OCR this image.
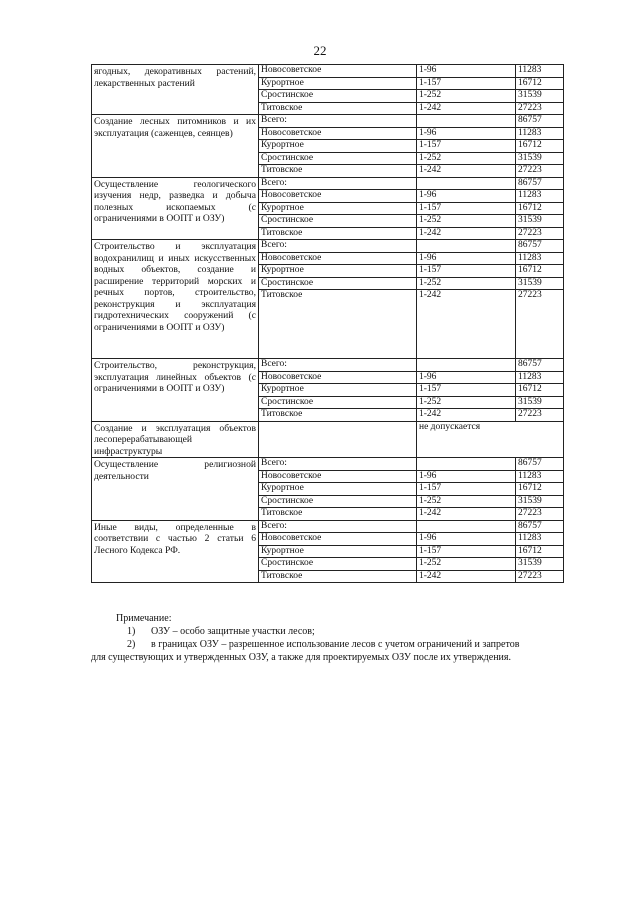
22
ягодных, декоративных растений, лекарственных растений	Новосоветское	1-96	11283
	Курортное	1-157	16712
	Сростинское	1-252	31539
	Титовское	1-242	27223
Создание лесных питомников и их эксплуатация (саженцев, сеянцев)	Всего:		86757
	Новосоветское	1-96	11283
	Курортное	1-157	16712
	Сростинское	1-252	31539
	Титовское	1-242	27223
Осуществление геологического изучения недр, разведка и добыча полезных ископаемых (с ограничениями в ООПТ и ОЗУ)	Всего:		86757
	Новосоветское	1-96	11283
	Курортное	1-157	16712
	Сростинское	1-252	31539
	Титовское	1-242	27223
Строительство и эксплуатация водохранилищ и иных искусственных водных объектов, создание и расширение территорий морских и речных портов, строительство, реконструкция и эксплуатация гидротехнических сооружений (с ограничениями в ООПТ и ОЗУ)	Всего:		86757
	Новосоветское	1-96	11283
	Курортное	1-157	16712
	Сростинское	1-252	31539
	Титовское	1-242	27223
Строительство, реконструкция, эксплуатация линейных объектов (с ограничениями в ООПТ и ОЗУ)	Всего:		86757
	Новосоветское	1-96	11283
	Курортное	1-157	16712
	Сростинское	1-252	31539
	Титовское	1-242	27223
Создание и эксплуатация объектов лесоперерабатывающей инфраструктуры		не допускается	
Осуществление религиозной деятельности	Всего:		86757
	Новосоветское	1-96	11283
	Курортное	1-157	16712
	Сростинское	1-252	31539
	Титовское	1-242	27223
Иные виды, определенные в соответствии с частью 2 статьи 6 Лесного Кодекса РФ.	Всего:		86757
	Новосоветское	1-96	11283
	Курортное	1-157	16712
	Сростинское	1-252	31539
	Титовское	1-242	27223
Примечание:
1) ОЗУ – особо защитные участки лесов;
2) в границах ОЗУ – разрешенное использование лесов с учетом ограничений и запретов
для существующих и утвержденных ОЗУ, а также для проектируемых ОЗУ после их утверждения.
